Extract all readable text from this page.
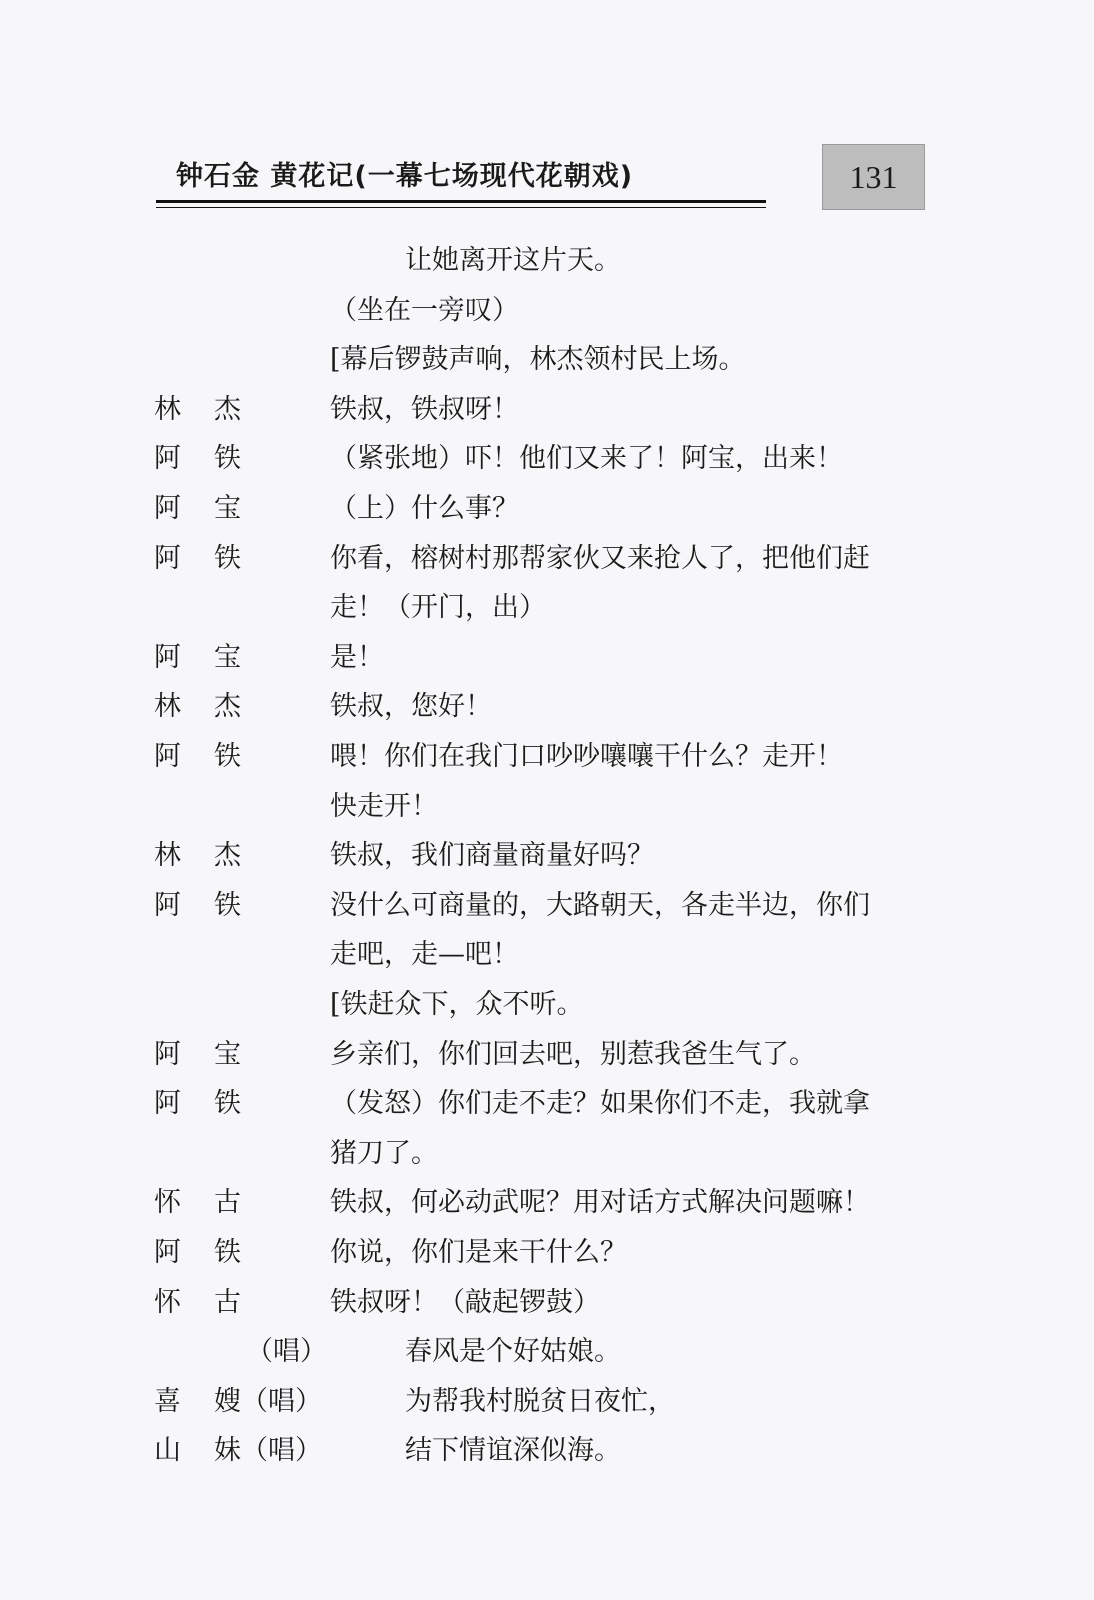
钟石金 黄花记(一幕七场现代花朝戏)	131
让她离开这片天。
（坐在一旁叹）
[幕后锣鼓声响，林杰领村民上场。
林 杰	铁叔，铁叔呀！
阿 铁	（紧张地）吓！他们又来了！阿宝，出来！
阿 宝	（上）什么事？
阿 铁	你看，榕树村那帮家伙又来抢人了，把他们赶
走！（开门，出）
阿 宝	是！
林 杰	铁叔，您好！
阿 铁	喂！你们在我门口吵吵嚷嚷干什么？走开！
快走开！
林 杰	铁叔，我们商量商量好吗？
阿 铁	没什么可商量的，大路朝天，各走半边，你们
走吧，走—吧！
[铁赶众下，众不听。
阿 宝	乡亲们，你们回去吧，别惹我爸生气了。
阿 铁	（发怒）你们走不走？如果你们不走，我就拿
猪刀了。
怀 古	铁叔，何必动武呢？用对话方式解决问题嘛！
阿 铁	你说，你们是来干什么？
怀 古	铁叔呀！（敲起锣鼓）
（唱）	春风是个好姑娘。
喜 嫂（唱）	为帮我村脱贫日夜忙，
山 妹（唱）	结下情谊深似海。
